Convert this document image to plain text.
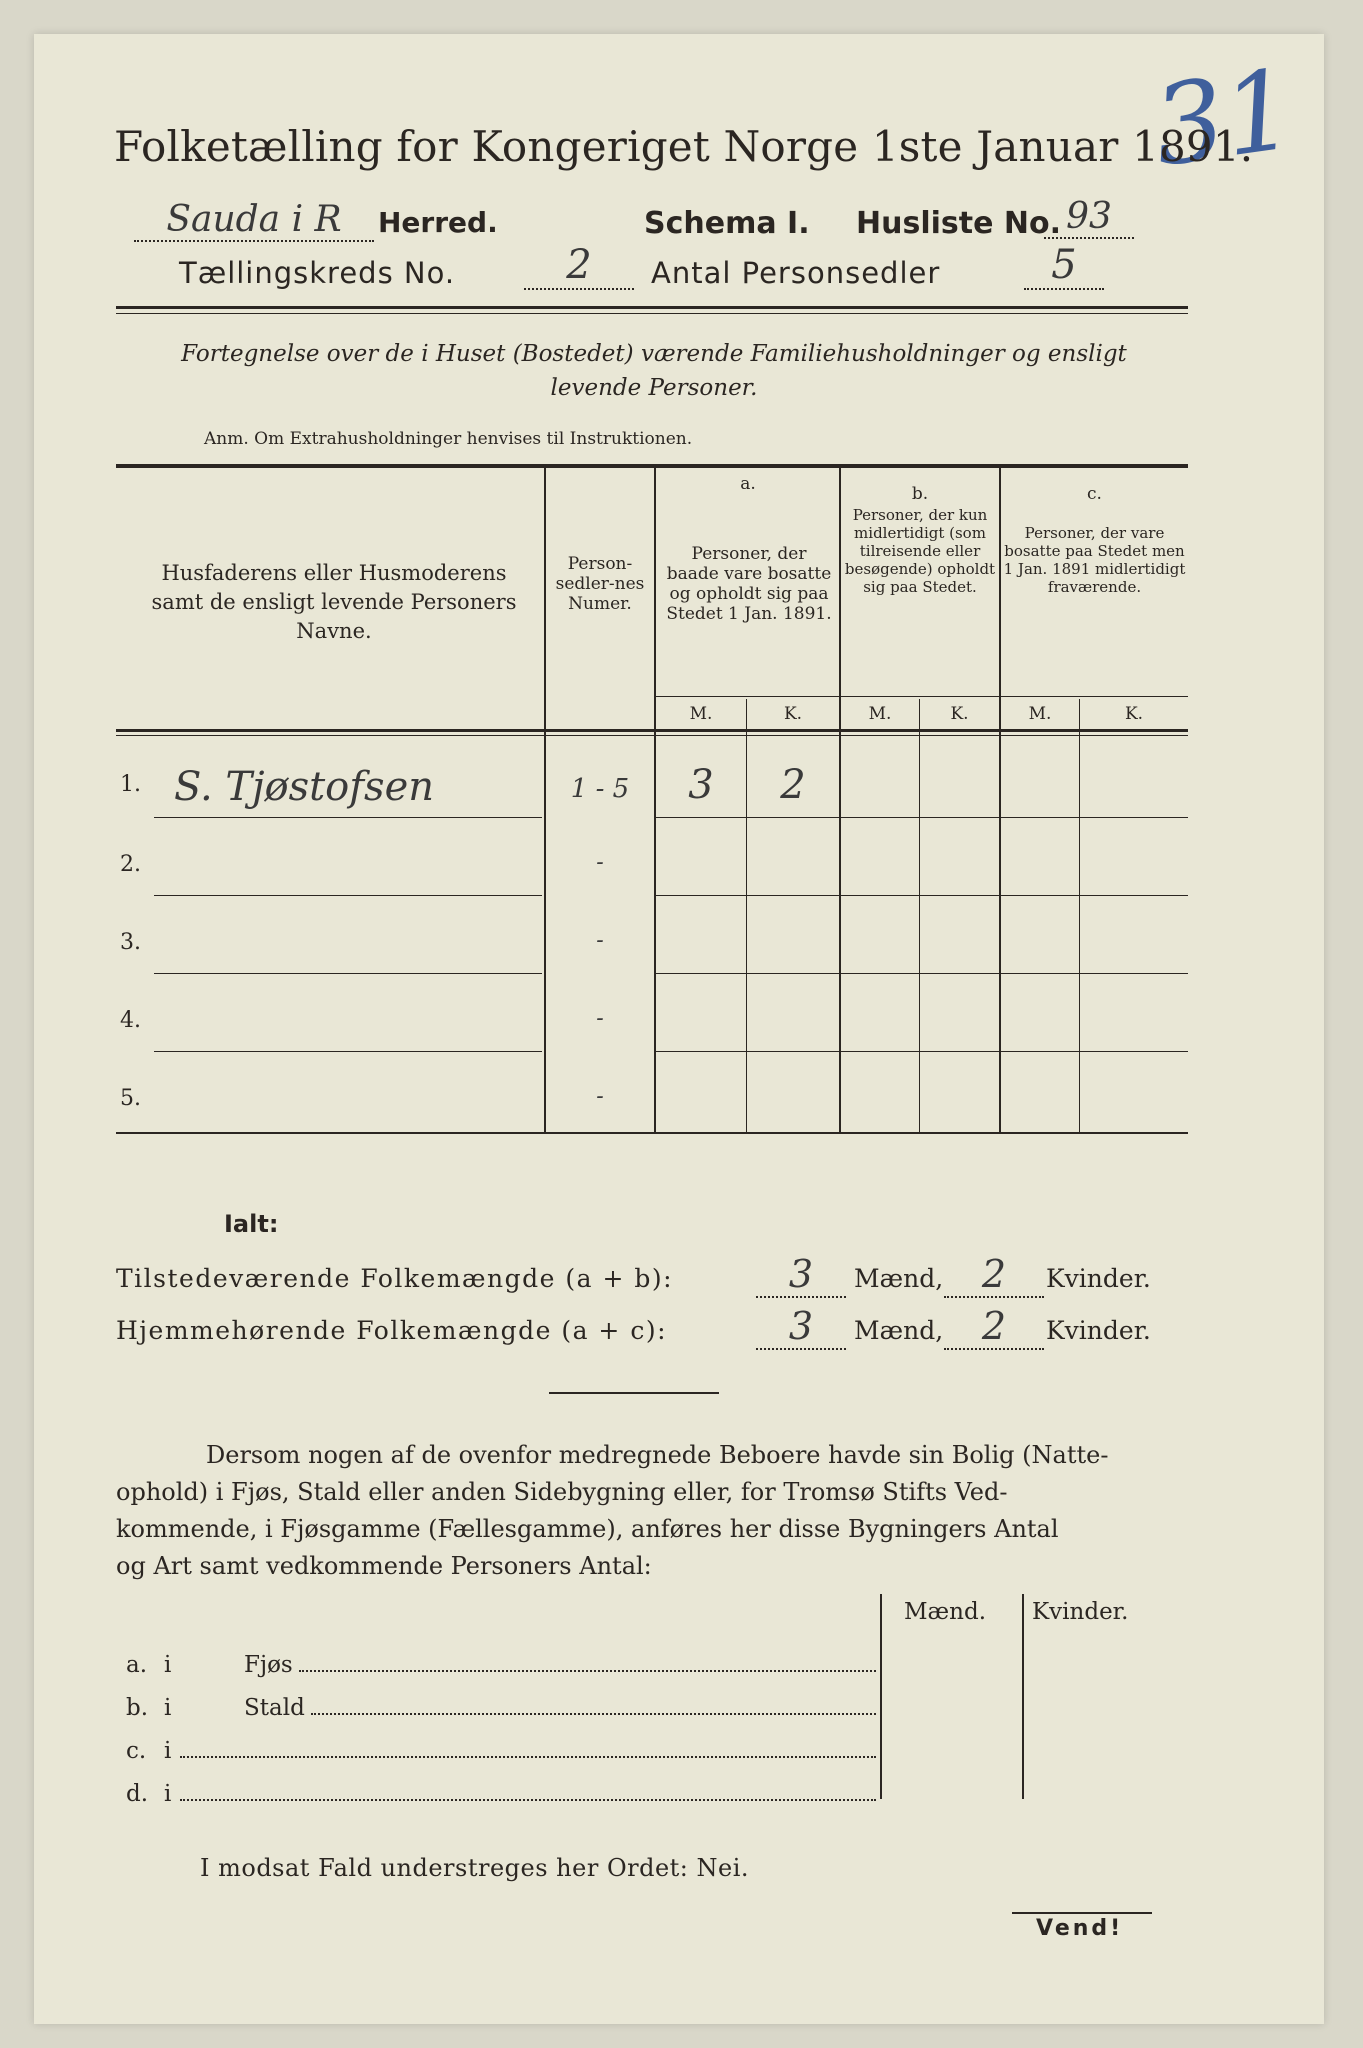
31
Folketælling for Kongeriget Norge 1ste Januar 1891.
Sauda i R	Herred.	Schema I. Husliste No. 93
Tællingskreds No.	2	Antal Personsedler	5
Fortegnelse over de i Huset (Bostedet) værende Familiehusholdninger og ensligt
levende Personer.
Anm. Om Extrahusholdninger henvises til Instruktionen.
Husfaderens eller Husmoderens samt de ensligt levende Personers Navne.
Person-sedler-nes Numer.
a.
Personer, der baade vare bosatte og opholdt sig paa Stedet 1 Jan. 1891.
b.
Personer, der kun midlertidigt (som tilreisende eller besøgende) opholdt sig paa Stedet.
c.
Personer, der vare bosatte paa Stedet men 1 Jan. 1891 midlertidigt fraværende.
M.	K.	M.	K.	M.	K.
1. S. Tjøstofsen	1 - 5	3	2
2.	-
3.	-
4.	-
5.	-
Ialt:
Tilstedeværende Folkemængde (a + b):	3	Mænd,	2	Kvinder.
Hjemmehørende Folkemængde (a + c):	3	Mænd,	2	Kvinder.
Dersom nogen af de ovenfor medregnede Beboere havde sin Bolig (Natte-
ophold) i Fjøs, Stald eller anden Sidebygning eller, for Tromsø Stifts Ved-
kommende, i Fjøsgamme (Fællesgamme), anføres her disse Bygningers Antal
og Art samt vedkommende Personers Antal:
Mænd. Kvinder.
a. i	Fjøs
b. i	Stald
c. i
d. i
I modsat Fald understreges her Ordet: Nei.
Vend!
